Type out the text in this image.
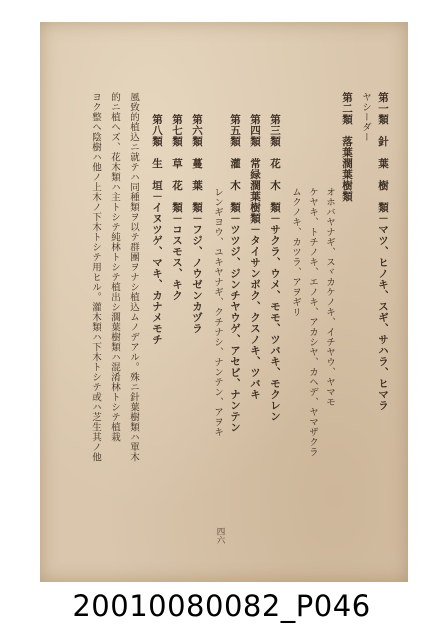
第一類　針　葉　樹　類－マツ、ヒノキ、スギ、サハラ、ヒマラ
ヤシーダー
第二類　落葉濶葉樹類
オホバヤナギ、スヾカケノキ、イチヤウ、ヤマモ
ケヤキ、トチノキ、エノキ、アカシヤ、カヘデ、ヤマザクラ
ムクノキ、カツラ、アヲギリ
第三類　花　木　類－サクラ、ウメ、モモ、ツバキ、モクレン
第四類　常緑濶葉樹類－タイサンボク、クスノキ、ツバキ
第五類　灌　木　類－ツツジ、ジンチヤウゲ、アセビ、ナンテン
レンギヨウ、ユキヤナギ、クチナシ、ナンテン、アヲキ
第六類　蔓　葉　類－フジ、ノウゼンカヅラ
第七類　草　花　類－コスモス、キク
第八類　生　垣－イヌツゲ、マキ、カナメモチ
風致的植込ニ就テハ同種類ヲ以テ群團ヲナシ植込ムノデアル。殊ニ針葉樹類ハ單木
的ニ植ヘズ、花木類ハ主トシテ純林トシテ植出シ濶葉樹類ハ混淆林トシテ植栽
ヨク整ヘ陰樹ハ他ノ上木ノ下木トシテ用ヒル。灌木類ハ下木トシテ或ハ芝生其ノ他
四六
20010080082_P046
